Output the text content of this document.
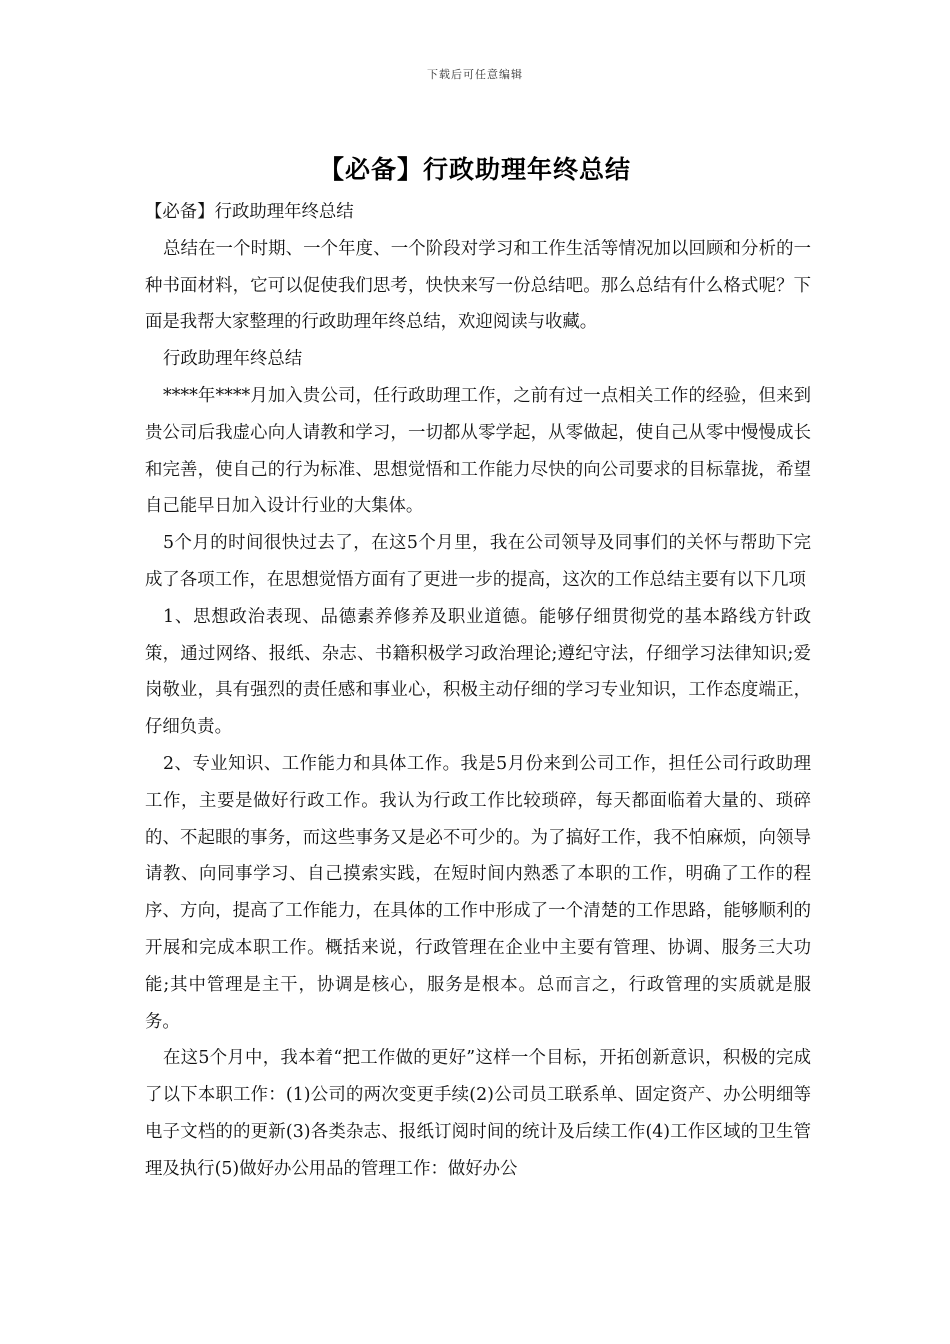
下载后可任意编辑
【必备】行政助理年终总结

【必备】行政助理年终总结

总结在一个时期、一个年度、一个阶段对学习和工作生活等情况加以回顾和分析的一种书面材料，它可以促使我们思考，快快来写一份总结吧。那么总结有什么格式呢？下面是我帮大家整理的行政助理年终总结，欢迎阅读与收藏。

行政助理年终总结

****年****月加入贵公司，任行政助理工作，之前有过一点相关工作的经验，但来到贵公司后我虚心向人请教和学习，一切都从零学起，从零做起，使自己从零中慢慢成长和完善，使自己的行为标准、思想觉悟和工作能力尽快的向公司要求的目标靠拢，希望自己能早日加入设计行业的大集体。

5个月的时间很快过去了，在这5个月里，我在公司领导及同事们的关怀与帮助下完成了各项工作，在思想觉悟方面有了更进一步的提高，这次的工作总结主要有以下几项

1、思想政治表现、品德素养修养及职业道德。能够仔细贯彻党的基本路线方针政策，通过网络、报纸、杂志、书籍积极学习政治理论;遵纪守法，仔细学习法律知识;爱岗敬业，具有强烈的责任感和事业心，积极主动仔细的学习专业知识，工作态度端正，仔细负责。

2、专业知识、工作能力和具体工作。我是5月份来到公司工作，担任公司行政助理工作，主要是做好行政工作。我认为行政工作比较琐碎，每天都面临着大量的、琐碎的、不起眼的事务，而这些事务又是必不可少的。为了搞好工作，我不怕麻烦，向领导请教、向同事学习、自己摸索实践，在短时间内熟悉了本职的工作，明确了工作的程序、方向，提高了工作能力，在具体的工作中形成了一个清楚的工作思路，能够顺利的开展和完成本职工作。概括来说，行政管理在企业中主要有管理、协调、服务三大功能;其中管理是主干，协调是核心，服务是根本。总而言之，行政管理的实质就是服务。

在这5个月中，我本着“把工作做的更好”这样一个目标，开拓创新意识，积极的完成了以下本职工作：(1)公司的两次变更手续(2)公司员工联系单、固定资产、办公明细等电子文档的的更新(3)各类杂志、报纸订阅时间的统计及后续工作(4)工作区域的卫生管理及执行(5)做好办公用品的管理工作：做好办公
